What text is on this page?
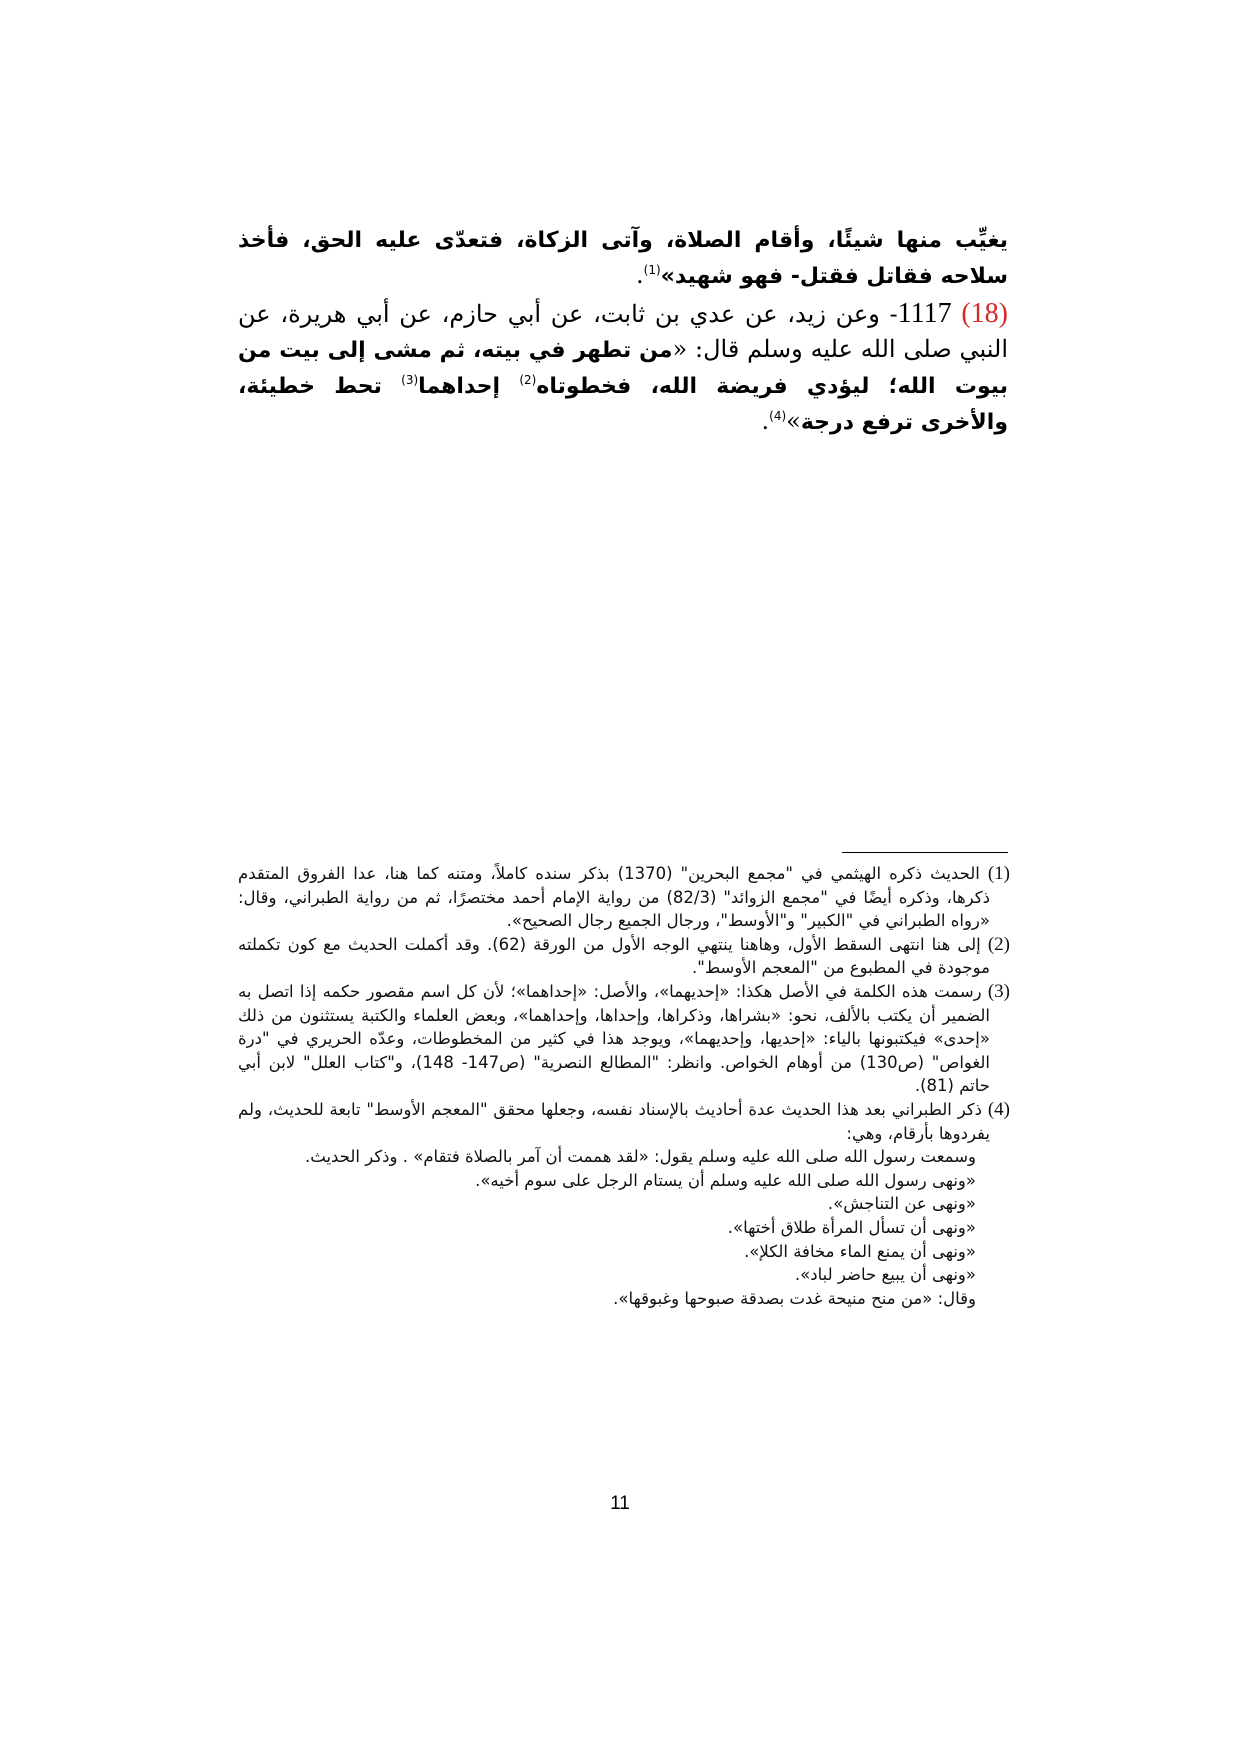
يغيِّب منها شيئًا، وأقام الصلاة، وآتى الزكاة، فتعدّى عليه الحق، فأخذ سلاحه فقاتل فقتل- فهو شهيد»$^{(1)}$.

(18) 1117- وعن زيد، عن عدي بن ثابت، عن أبي حازم، عن أبي هريرة، عن النبي صلى الله عليه وسلم قال: «من تطهر في بيته، ثم مشى إلى بيت من بيوت الله؛ ليؤدي فريضة الله، فخطوتاه$^{(2)}$ إحداهما$^{(3)}$ تحط خطيئة، والأخرى ترفع درجة»$^{(4)}$.

(1) الحديث ذكره الهيثمي في "مجمع البحرين" (1370) بذكر سنده كاملاً، ومتنه كما هنا، عدا الفروق المتقدم ذكرها، وذكره أيضًا في "مجمع الزوائد" (82/3) من رواية الإمام أحمد مختصرًا، ثم من رواية الطبراني، وقال: «رواه الطبراني في "الكبير" و"الأوسط"، ورجال الجميع رجال الصحيح».

(2) إلى هنا انتهى السقط الأول، وهاهنا ينتهي الوجه الأول من الورقة (62). وقد أكملت الحديث مع كون تكملته موجودة في المطبوع من "المعجم الأوسط".

(3) رسمت هذه الكلمة في الأصل هكذا: «إحديهما»، والأصل: «إحداهما»؛ لأن كل اسم مقصور حكمه إذا اتصل به الضمير أن يكتب بالألف، نحو: «بشراها، وذكراها، وإحداها، وإحداهما»، وبعض العلماء والكتبة يستثنون من ذلك «إحدى» فيكتبونها بالياء: «إحديها، وإحديهما»، ويوجد هذا في كثير من المخطوطات، وعدّه الحريري في "درة الغواص" (ص130) من أوهام الخواص. وانظر: "المطالع النصرية" (ص147- 148)، و"كتاب العلل" لابن أبي حاتم (81).

(4) ذكر الطبراني بعد هذا الحديث عدة أحاديث بالإسناد نفسه، وجعلها محقق "المعجم الأوسط" تابعة للحديث، ولم يفردوها بأرقام، وهي:

وسمعت رسول الله صلى الله عليه وسلم يقول: «لقد هممت أن آمر بالصلاة فتقام» . وذكر الحديث.
«ونهى رسول الله صلى الله عليه وسلم أن يستام الرجل على سوم أخيه».
«ونهى عن التناجش».
«ونهى أن تسأل المرأة طلاق أختها».
«ونهى أن يمنع الماء مخافة الكلإ».
«ونهى أن يبيع حاضر لباد».
وقال: «من منح منيحة غدت بصدقة صبوحها وغبوقها».
11
